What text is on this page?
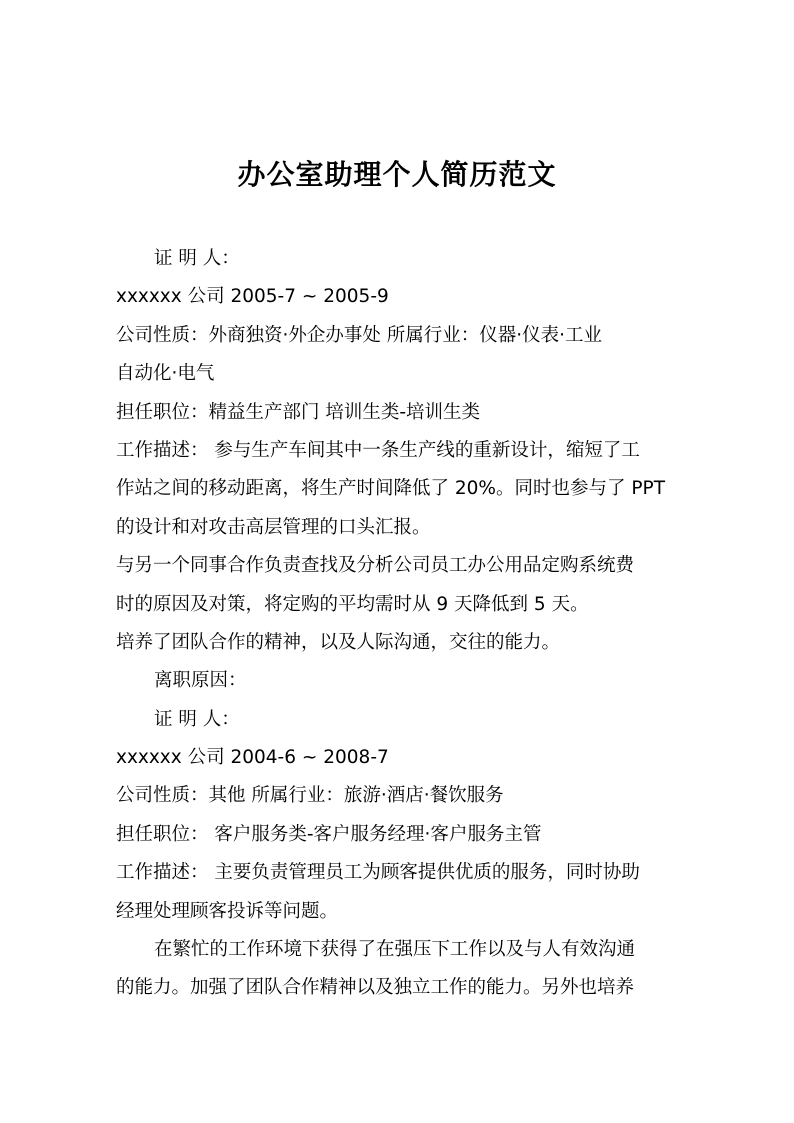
办公室助理个人简历范文
证 明 人：
xxxxxx 公司 2005-7 ~ 2005-9
公司性质：外商独资·外企办事处 所属行业：仪器·仪表·工业
自动化·电气
担任职位：精益生产部门 培训生类-培训生类
工作描述： 参与生产车间其中一条生产线的重新设计，缩短了工
作站之间的移动距离，将生产时间降低了 20%。同时也参与了 PPT
的设计和对攻击高层管理的口头汇报。
与另一个同事合作负责查找及分析公司员工办公用品定购系统费
时的原因及对策，将定购的平均需时从 9 天降低到 5 天。
培养了团队合作的精神，以及人际沟通，交往的能力。
离职原因：
证 明 人：
xxxxxx 公司 2004-6 ~ 2008-7
公司性质：其他 所属行业：旅游·酒店·餐饮服务
担任职位： 客户服务类-客户服务经理·客户服务主管
工作描述： 主要负责管理员工为顾客提供优质的服务，同时协助
经理处理顾客投诉等问题。
在繁忙的工作环境下获得了在强压下工作以及与人有效沟通
的能力。加强了团队合作精神以及独立工作的能力。另外也培养
